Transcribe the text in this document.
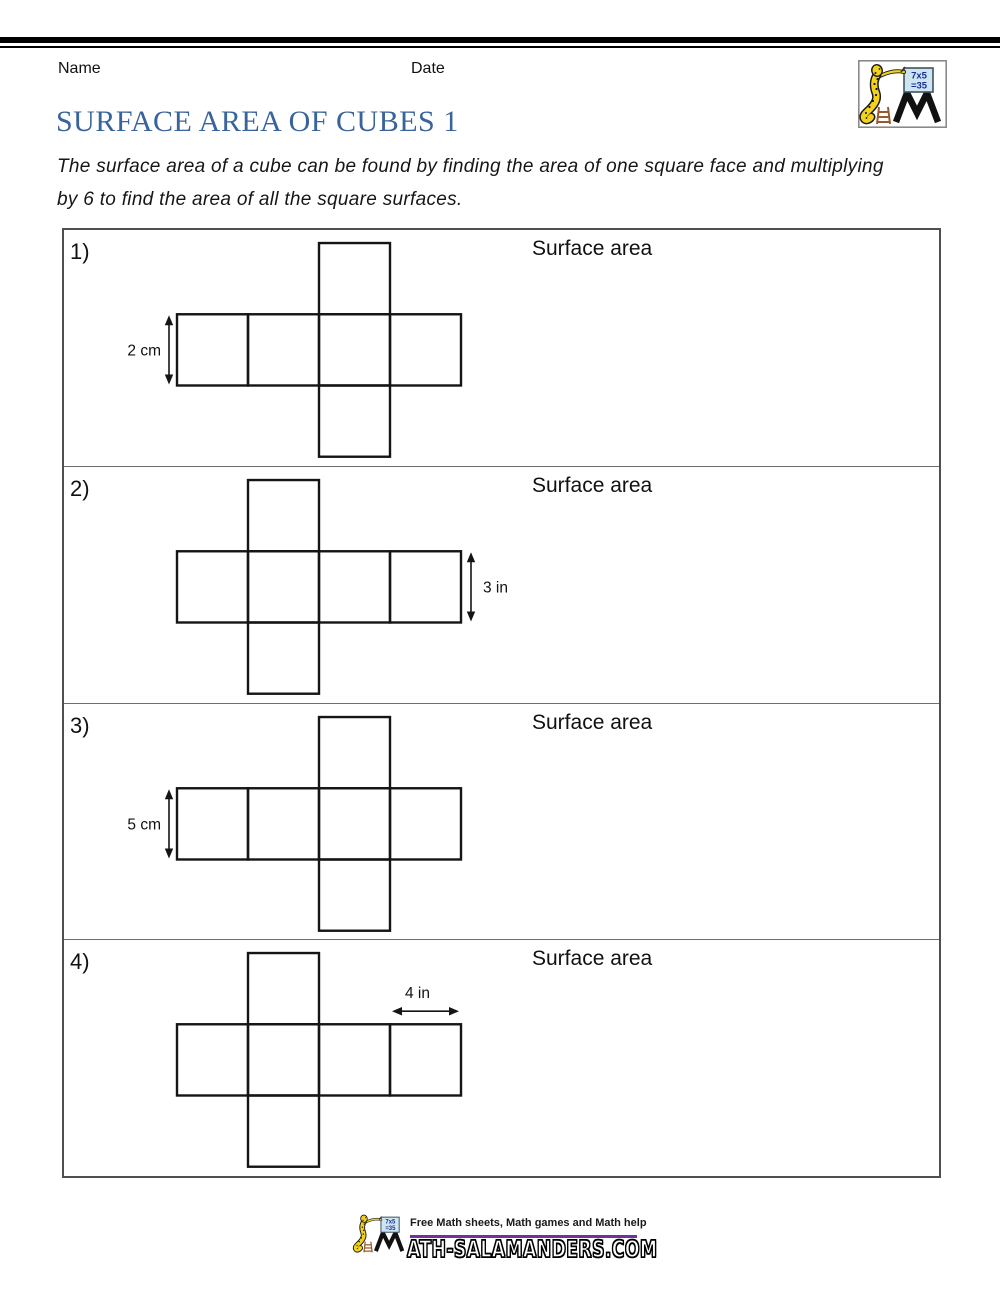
Name	Date	7x5
=35
SURFACE AREA OF CUBES 1
The surface area of a cube can be found by finding the area of one square face and multiplying
by 6 to find the area of all the square surfaces.
2 cm
1)	Surface area
3 in
2)	Surface area
5 cm
3)	Surface area
4 in
4)	Surface area
Free Math sheets, Math games and Math help
ATH-SALAMANDERS.COM
